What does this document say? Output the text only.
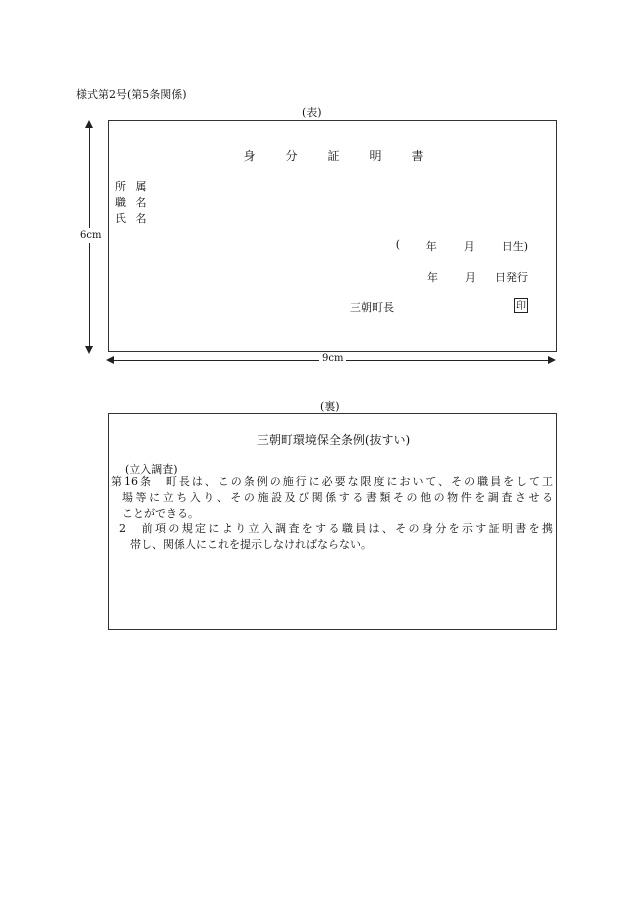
様式第2号(第5条関係)
(表)
6cm
身	分	証	明	書
所 属
職 名
氏 名
(	年	月	日生)
年	月	日発行
三朝町長	印
9cm
(裏)
三朝町環境保全条例(抜すい)
(立入調査)
第16条　町長は、この条例の施行に必要な限度において、その職員をして工
場等に立ち入り、その施設及び関係する書類その他の物件を調査させる
ことができる。
2　前項の規定により立入調査をする職員は、その身分を示す証明書を携
帯し、関係人にこれを提示しなければならない。
